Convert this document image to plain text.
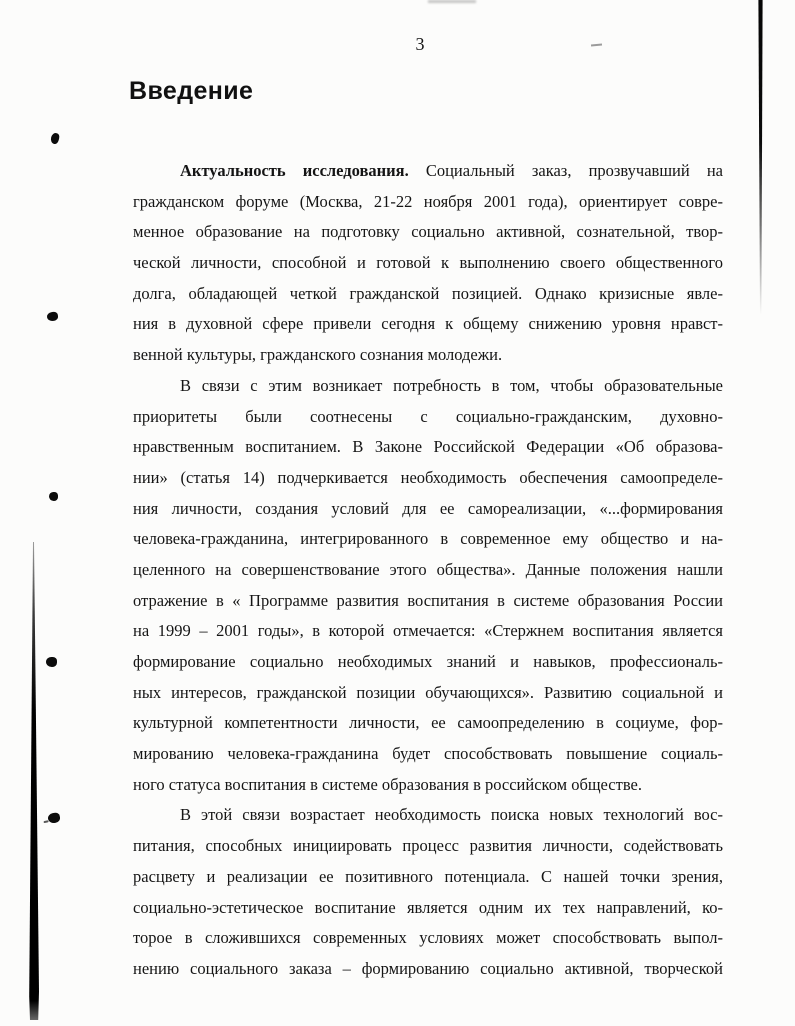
3
Введение
Актуальность исследования. Социальный заказ, прозвучавший на
гражданском форуме (Москва, 21-22 ноября 2001 года), ориентирует совре-
менное образование на подготовку социально активной, сознательной, твор-
ческой личности, способной и готовой к выполнению своего общественного
долга, обладающей четкой гражданской позицией. Однако кризисные явле-
ния в духовной сфере привели сегодня к общему снижению уровня нравст-
венной культуры, гражданского сознания молодежи.
В связи с этим возникает потребность в том, чтобы образовательные
приоритеты были соотнесены с социально-гражданским, духовно-
нравственным воспитанием. В Законе Российской Федерации «Об образова-
нии» (статья 14) подчеркивается необходимость обеспечения самоопределе-
ния личности, создания условий для ее самореализации, «...формирования
человека-гражданина, интегрированного в современное ему общество и на-
целенного на совершенствование этого общества». Данные положения нашли
отражение в « Программе развития воспитания в системе образования России
на 1999 – 2001 годы», в которой отмечается: «Стержнем воспитания является
формирование социально необходимых знаний и навыков, профессиональ-
ных интересов, гражданской позиции обучающихся». Развитию социальной и
культурной компетентности личности, ее самоопределению в социуме, фор-
мированию человека-гражданина будет способствовать повышение социаль-
ного статуса воспитания в системе образования в российском обществе.
В этой связи возрастает необходимость поиска новых технологий вос-
питания, способных инициировать процесс развития личности, содействовать
расцвету и реализации ее позитивного потенциала. С нашей точки зрения,
социально-эстетическое воспитание является одним их тех направлений, ко-
торое в сложившихся современных условиях может способствовать выпол-
нению социального заказа – формированию социально активной, творческой
